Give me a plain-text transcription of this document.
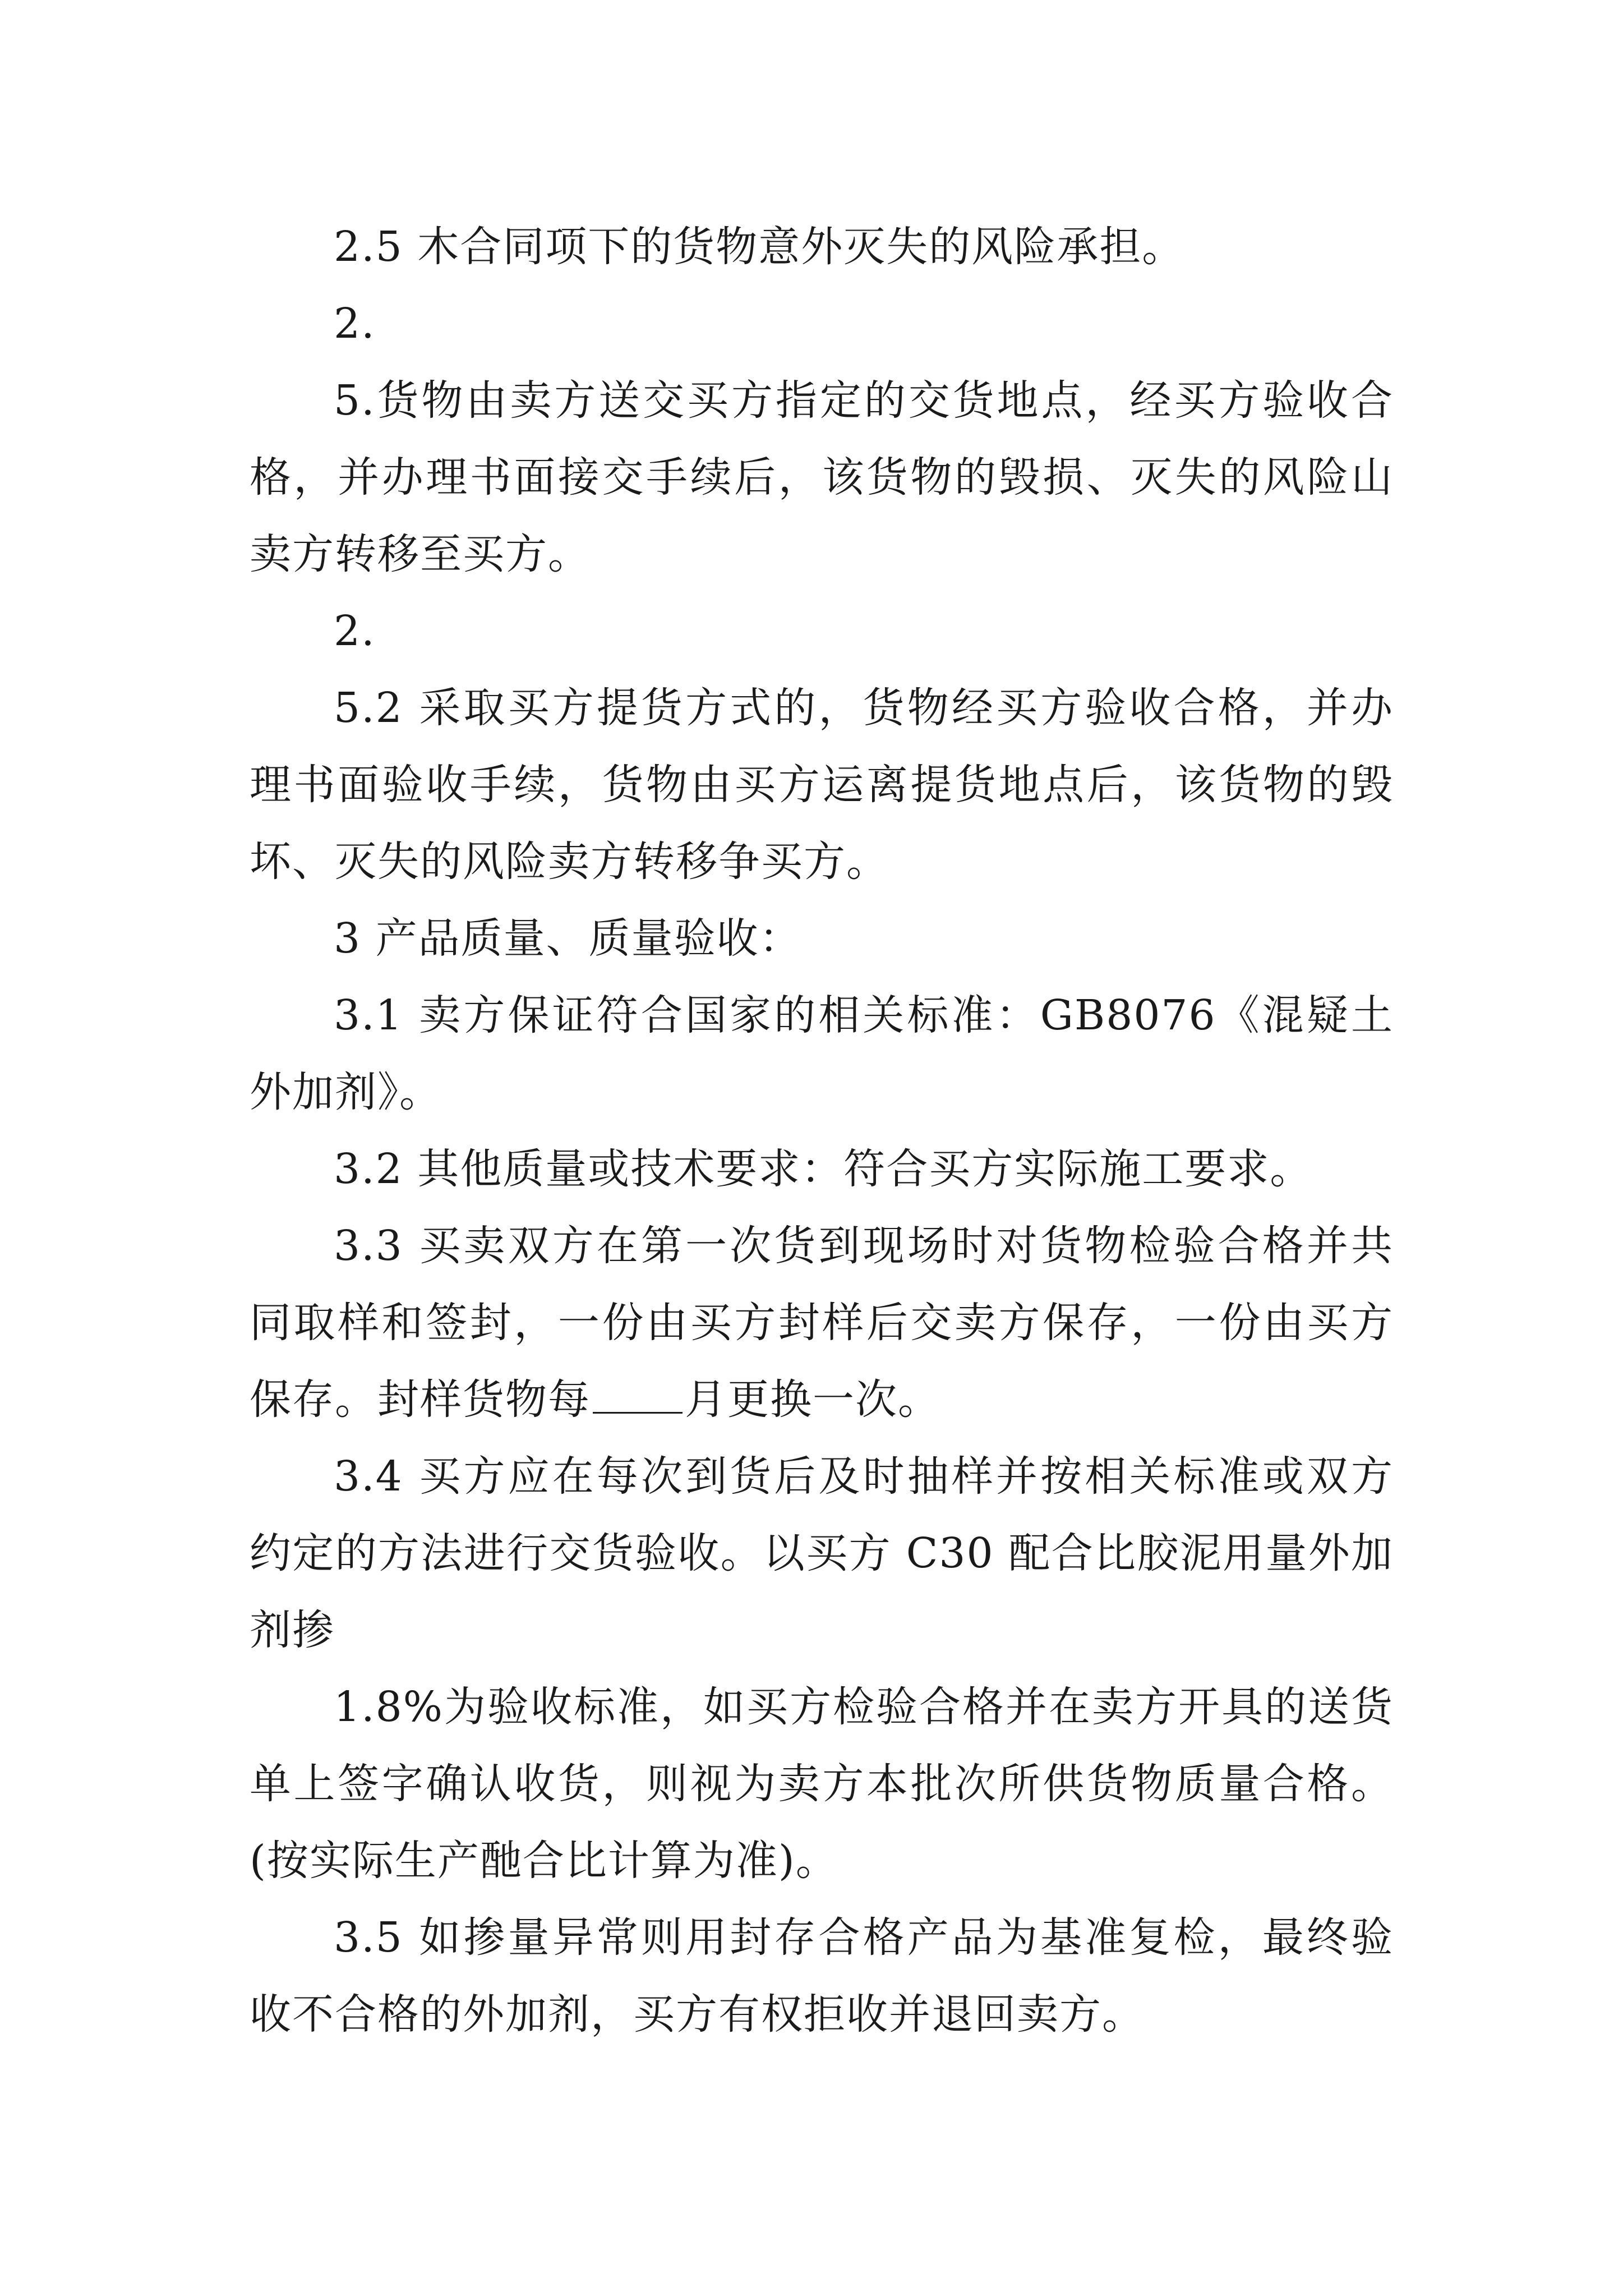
2.5 木合同项下的货物意外灭失的风险承担。

2.

5.货物由卖方送交买方指定的交货地点，经买方验收合格，并办理书面接交手续后，该货物的毁损、灭失的风险山卖方转移至买方。

2.

5.2 采取买方提货方式的，货物经买方验收合格，并办理书面验收手续，货物由买方运离提货地点后，该货物的毁坏、灭失的风险卖方转移争买方。

3 产品质量、质量验收：

3.1 卖方保证符合国家的相关标准：GB8076《混疑土外加剂》。

3.2 其他质量或技术要求：符合买方实际施工要求。

3.3 买卖双方在第一次货到现场时对货物检验合格并共同取样和签封，一份由买方封样后交卖方保存，一份由买方保存。封样货物每 月更换一次。

3.4 买方应在每次到货后及时抽样并按相关标准或双方约定的方法进行交货验收。以买方 C30 配合比胶泥用量外加剂掺

1.8%为验收标准，如买方检验合格并在卖方开具的送货单上签字确认收货，则视为卖方本批次所供货物质量合格。(按实际生产酏合比计算为准)。

3.5 如掺量异常则用封存合格产品为基准复检，最终验收不合格的外加剂，买方有权拒收并退回卖方。
